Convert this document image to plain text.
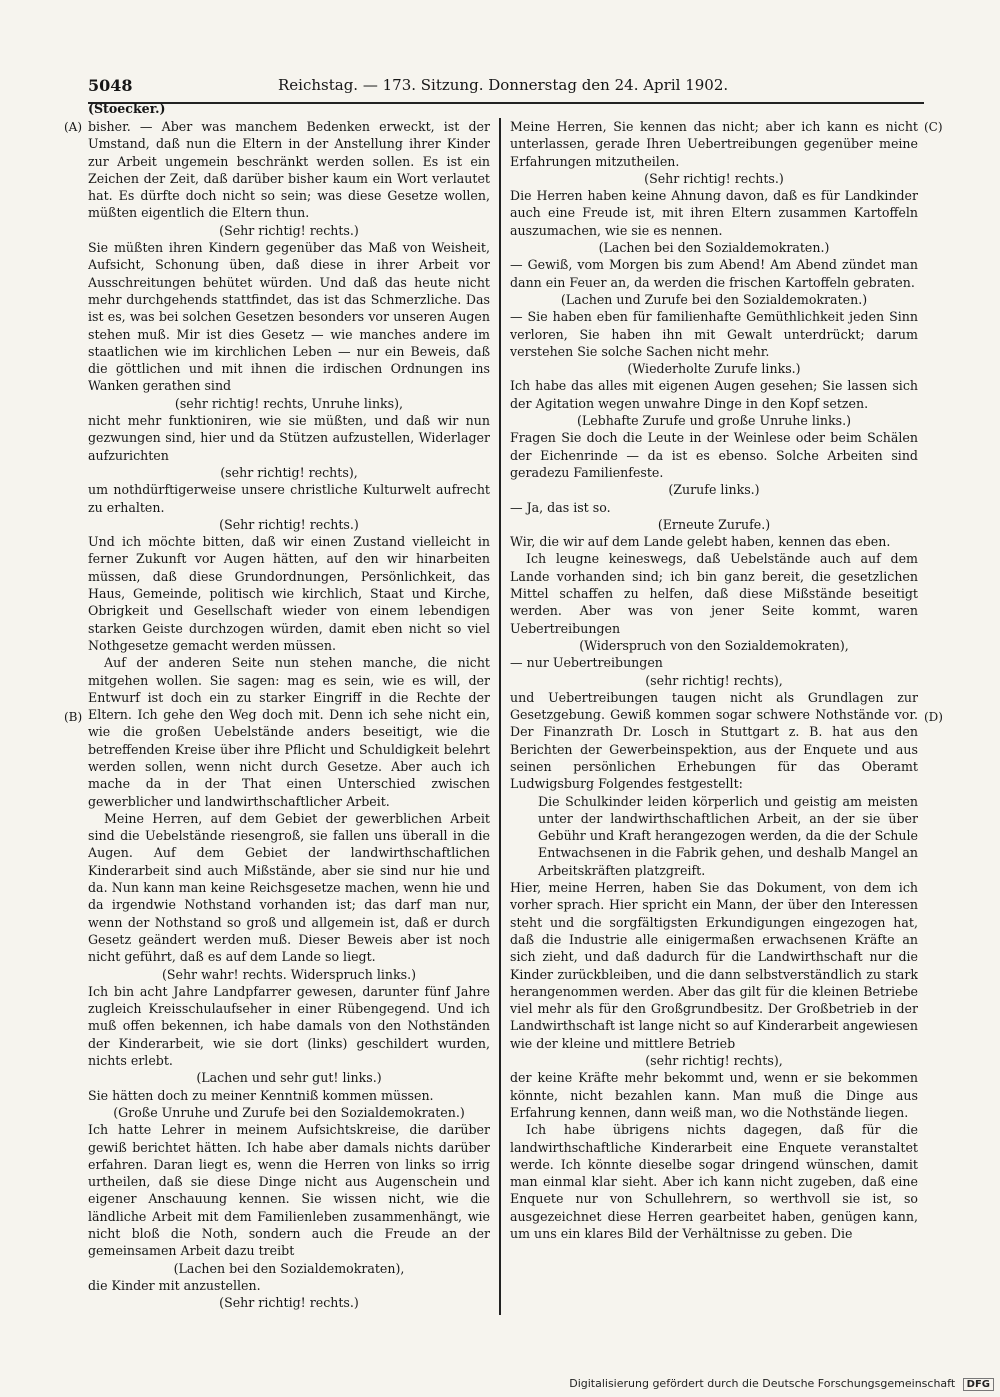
5048	Reichstag. — 173. Sitzung. Donnerstag den 24. April 1902.
(Stoecker.)
(A)
(B)
(C)
(D)

bisher. — Aber was manchem Bedenken erweckt, ist der Umstand, daß nun die Eltern in der Anstellung ihrer Kinder zur Arbeit ungemein beschränkt werden sollen. Es ist ein Zeichen der Zeit, daß darüber bisher kaum ein Wort verlautet hat. Es dürfte doch nicht so sein; was diese Gesetze wollen, müßten eigentlich die Eltern thun.

(Sehr richtig! rechts.)

Sie müßten ihren Kindern gegenüber das Maß von Weisheit, Aufsicht, Schonung üben, daß diese in ihrer Arbeit vor Ausschreitungen behütet würden. Und daß das heute nicht mehr durchgehends stattfindet, das ist das Schmerzliche. Das ist es, was bei solchen Gesetzen besonders vor unseren Augen stehen muß. Mir ist dies Gesetz — wie manches andere im staatlichen wie im kirchlichen Leben — nur ein Beweis, daß die göttlichen und mit ihnen die irdischen Ordnungen ins Wanken gerathen sind

(sehr richtig! rechts, Unruhe links),

nicht mehr funktioniren, wie sie müßten, und daß wir nun gezwungen sind, hier und da Stützen aufzustellen, Widerlager aufzurichten

(sehr richtig! rechts),

um nothdürftigerweise unsere christliche Kulturwelt aufrecht zu erhalten.

(Sehr richtig! rechts.)

Und ich möchte bitten, daß wir einen Zustand vielleicht in ferner Zukunft vor Augen hätten, auf den wir hinarbeiten müssen, daß diese Grundordnungen, Persönlichkeit, das Haus, Gemeinde, politisch wie kirchlich, Staat und Kirche, Obrigkeit und Gesellschaft wieder von einem lebendigen starken Geiste durchzogen würden, damit eben nicht so viel Nothgesetze gemacht werden müssen.

Auf der anderen Seite nun stehen manche, die nicht mitgehen wollen. Sie sagen: mag es sein, wie es will, der Entwurf ist doch ein zu starker Eingriff in die Rechte der Eltern. Ich gehe den Weg doch mit. Denn ich sehe nicht ein, wie die großen Uebelstände anders beseitigt, wie die betreffenden Kreise über ihre Pflicht und Schuldigkeit belehrt werden sollen, wenn nicht durch Gesetze. Aber auch ich mache da in der That einen Unterschied zwischen gewerblicher und landwirthschaftlicher Arbeit.

Meine Herren, auf dem Gebiet der gewerblichen Arbeit sind die Uebelstände riesengroß, sie fallen uns überall in die Augen. Auf dem Gebiet der landwirthschaftlichen Kinderarbeit sind auch Mißstände, aber sie sind nur hie und da. Nun kann man keine Reichsgesetze machen, wenn hie und da irgendwie Nothstand vorhanden ist; das darf man nur, wenn der Nothstand so groß und allgemein ist, daß er durch Gesetz geändert werden muß. Dieser Beweis aber ist noch nicht geführt, daß es auf dem Lande so liegt.

(Sehr wahr! rechts. Widerspruch links.)

Ich bin acht Jahre Landpfarrer gewesen, darunter fünf Jahre zugleich Kreisschulaufseher in einer Rübengegend. Und ich muß offen bekennen, ich habe damals von den Nothständen der Kinderarbeit, wie sie dort (links) geschildert wurden, nichts erlebt.

(Lachen und sehr gut! links.)

Sie hätten doch zu meiner Kenntniß kommen müssen.

(Große Unruhe und Zurufe bei den Sozialdemokraten.)

Ich hatte Lehrer in meinem Aufsichtskreise, die darüber gewiß berichtet hätten. Ich habe aber damals nichts darüber erfahren. Daran liegt es, wenn die Herren von links so irrig urtheilen, daß sie diese Dinge nicht aus Augenschein und eigener Anschauung kennen. Sie wissen nicht, wie die ländliche Arbeit mit dem Familienleben zusammenhängt, wie nicht bloß die Noth, sondern auch die Freude an der gemeinsamen Arbeit dazu treibt

(Lachen bei den Sozialdemokraten),

die Kinder mit anzustellen.

(Sehr richtig! rechts.)

Meine Herren, Sie kennen das nicht; aber ich kann es nicht unterlassen, gerade Ihren Uebertreibungen gegenüber meine Erfahrungen mitzutheilen.

(Sehr richtig! rechts.)

Die Herren haben keine Ahnung davon, daß es für Landkinder auch eine Freude ist, mit ihren Eltern zusammen Kartoffeln auszumachen, wie sie es nennen.

(Lachen bei den Sozialdemokraten.)

— Gewiß, vom Morgen bis zum Abend! Am Abend zündet man dann ein Feuer an, da werden die frischen Kartoffeln gebraten.

(Lachen und Zurufe bei den Sozialdemokraten.)

— Sie haben eben für familienhafte Gemüthlichkeit jeden Sinn verloren, Sie haben ihn mit Gewalt unterdrückt; darum verstehen Sie solche Sachen nicht mehr.

(Wiederholte Zurufe links.)

Ich habe das alles mit eigenen Augen gesehen; Sie lassen sich der Agitation wegen unwahre Dinge in den Kopf setzen.

(Lebhafte Zurufe und große Unruhe links.)

Fragen Sie doch die Leute in der Weinlese oder beim Schälen der Eichenrinde — da ist es ebenso. Solche Arbeiten sind geradezu Familienfeste.

(Zurufe links.)

— Ja, das ist so.

(Erneute Zurufe.)

Wir, die wir auf dem Lande gelebt haben, kennen das eben.

Ich leugne keineswegs, daß Uebelstände auch auf dem Lande vorhanden sind; ich bin ganz bereit, die gesetzlichen Mittel schaffen zu helfen, daß diese Mißstände beseitigt werden. Aber was von jener Seite kommt, waren Uebertreibungen

(Widerspruch von den Sozialdemokraten),

— nur Uebertreibungen

(sehr richtig! rechts),

und Uebertreibungen taugen nicht als Grundlagen zur Gesetzgebung. Gewiß kommen sogar schwere Nothstände vor. Der Finanzrath Dr. Losch in Stuttgart z. B. hat aus den Berichten der Gewerbeinspektion, aus der Enquete und aus seinen persönlichen Erhebungen für das Oberamt Ludwigsburg Folgendes festgestellt:

Die Schulkinder leiden körperlich und geistig am meisten unter der landwirthschaftlichen Arbeit, an der sie über Gebühr und Kraft herangezogen werden, da die der Schule Entwachsenen in die Fabrik gehen, und deshalb Mangel an Arbeitskräften platzgreift.

Hier, meine Herren, haben Sie das Dokument, von dem ich vorher sprach. Hier spricht ein Mann, der über den Interessen steht und die sorgfältigsten Erkundigungen eingezogen hat, daß die Industrie alle einigermaßen erwachsenen Kräfte an sich zieht, und daß dadurch für die Landwirthschaft nur die Kinder zurückbleiben, und die dann selbstverständlich zu stark herangenommen werden. Aber das gilt für die kleinen Betriebe viel mehr als für den Großgrundbesitz. Der Großbetrieb in der Landwirthschaft ist lange nicht so auf Kinderarbeit angewiesen wie der kleine und mittlere Betrieb

(sehr richtig! rechts),

der keine Kräfte mehr bekommt und, wenn er sie bekommen könnte, nicht bezahlen kann. Man muß die Dinge aus Erfahrung kennen, dann weiß man, wo die Nothstände liegen.

Ich habe übrigens nichts dagegen, daß für die landwirthschaftliche Kinderarbeit eine Enquete veranstaltet werde. Ich könnte dieselbe sogar dringend wünschen, damit man einmal klar sieht. Aber ich kann nicht zugeben, daß eine Enquete nur von Schullehrern, so werthvoll sie ist, so ausgezeichnet diese Herren gearbeitet haben, genügen kann, um uns ein klares Bild der Verhältnisse zu geben. Die

Digitalisierung gefördert durch die Deutsche Forschungsgemeinschaft DFG
